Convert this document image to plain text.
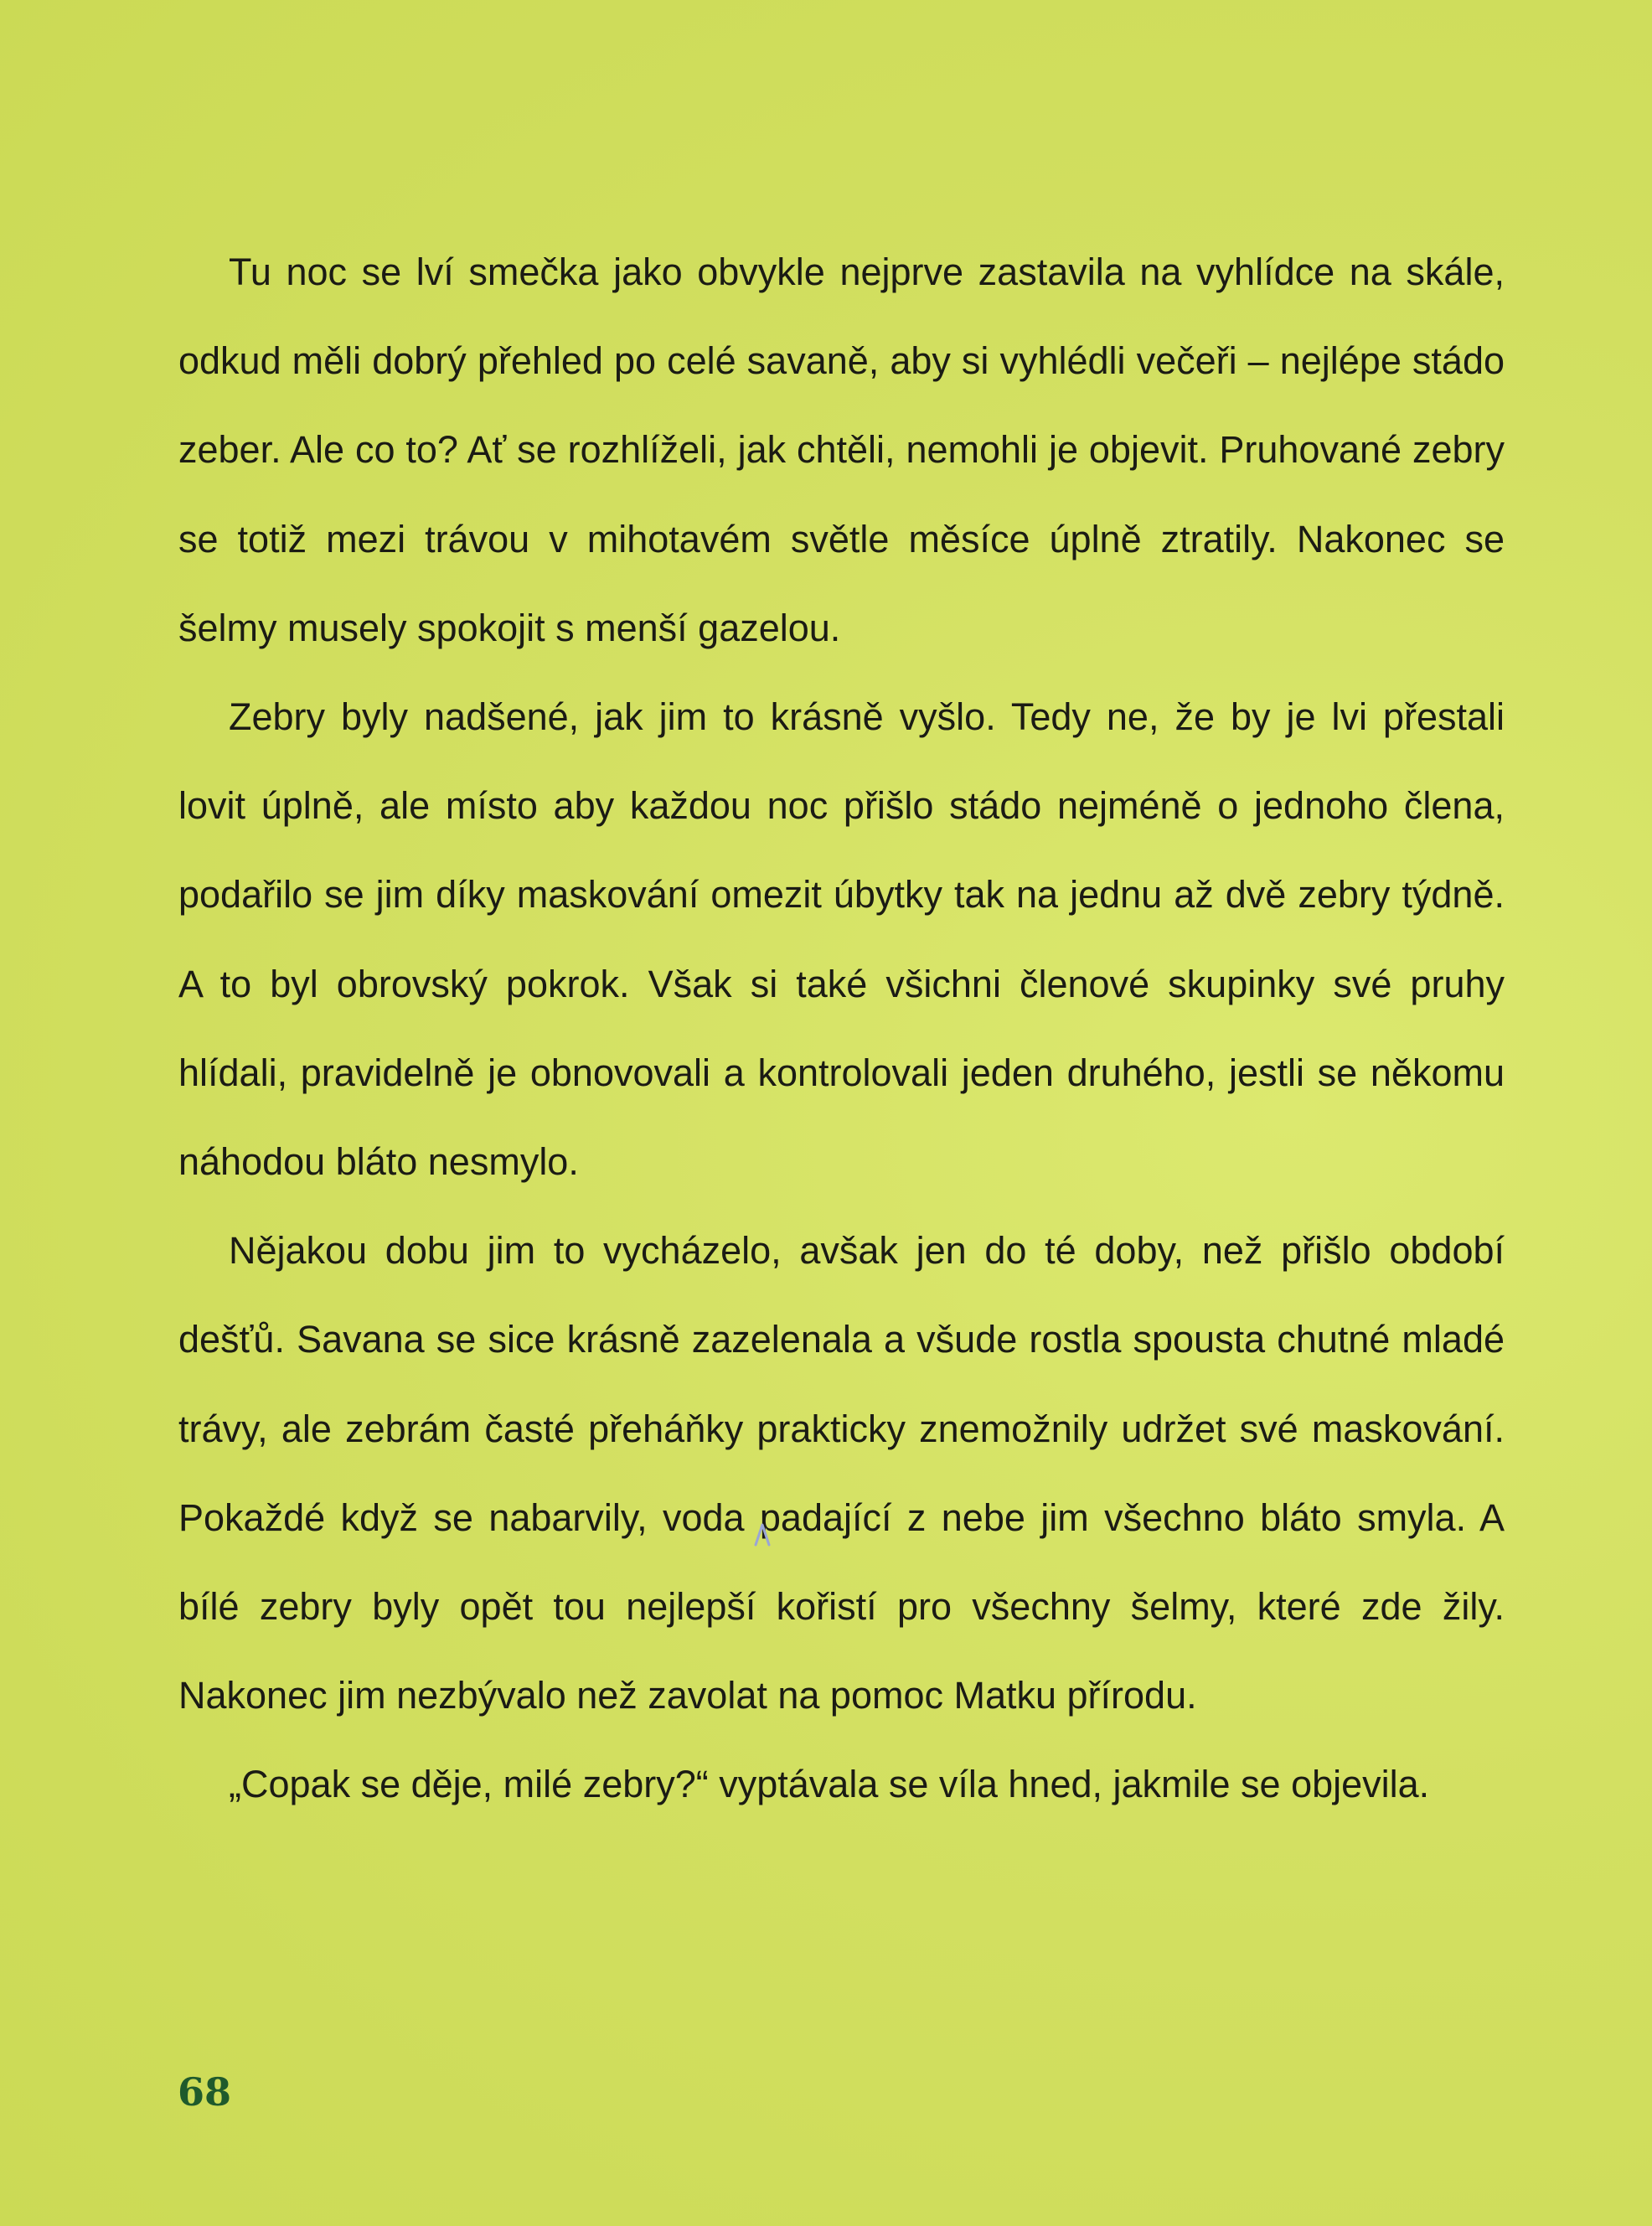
Tu noc se lví smečka jako obvykle nejprve zastavila na vyhlídce na skále, odkud měli dobrý přehled po celé savaně, aby si vyhlédli večeři – nejlépe stádo zeber. Ale co to? Ať se rozhlíželi, jak chtěli, nemohli je objevit. Pruhované zebry se totiž mezi trávou v mihotavém světle měsíce úplně ztratily. Nakonec se šelmy musely spokojit s menší gazelou.

Zebry byly nadšené, jak jim to krásně vyšlo. Tedy ne, že by je lvi přestali lovit úplně, ale místo aby každou noc přišlo stádo nejméně o jednoho člena, podařilo se jim díky maskování omezit úbytky tak na jednu až dvě zebry týdně. A to byl obrovský pokrok. Však si také všichni členové skupinky své pruhy hlídali, pravidelně je obnovovali a kontrolovali jeden druhého, jestli se někomu náhodou bláto nesmylo.

Nějakou dobu jim to vycházelo, avšak jen do té doby, než přišlo období dešťů. Savana se sice krásně zazelenala a všude rostla spousta chutné mladé trávy, ale zebrám časté přeháňky prakticky znemožnily udržet své maskování. Pokaždé když se nabarvily, voda padající z nebe jim všechno bláto smyla. A bílé zebry byly opět tou nejlepší kořistí pro všechny šelmy, které zde žily. Nakonec jim nezbývalo než zavolat na pomoc Matku přírodu.

„Copak se děje, milé zebry?“ vyptávala se víla hned, jakmile se objevila.

68
